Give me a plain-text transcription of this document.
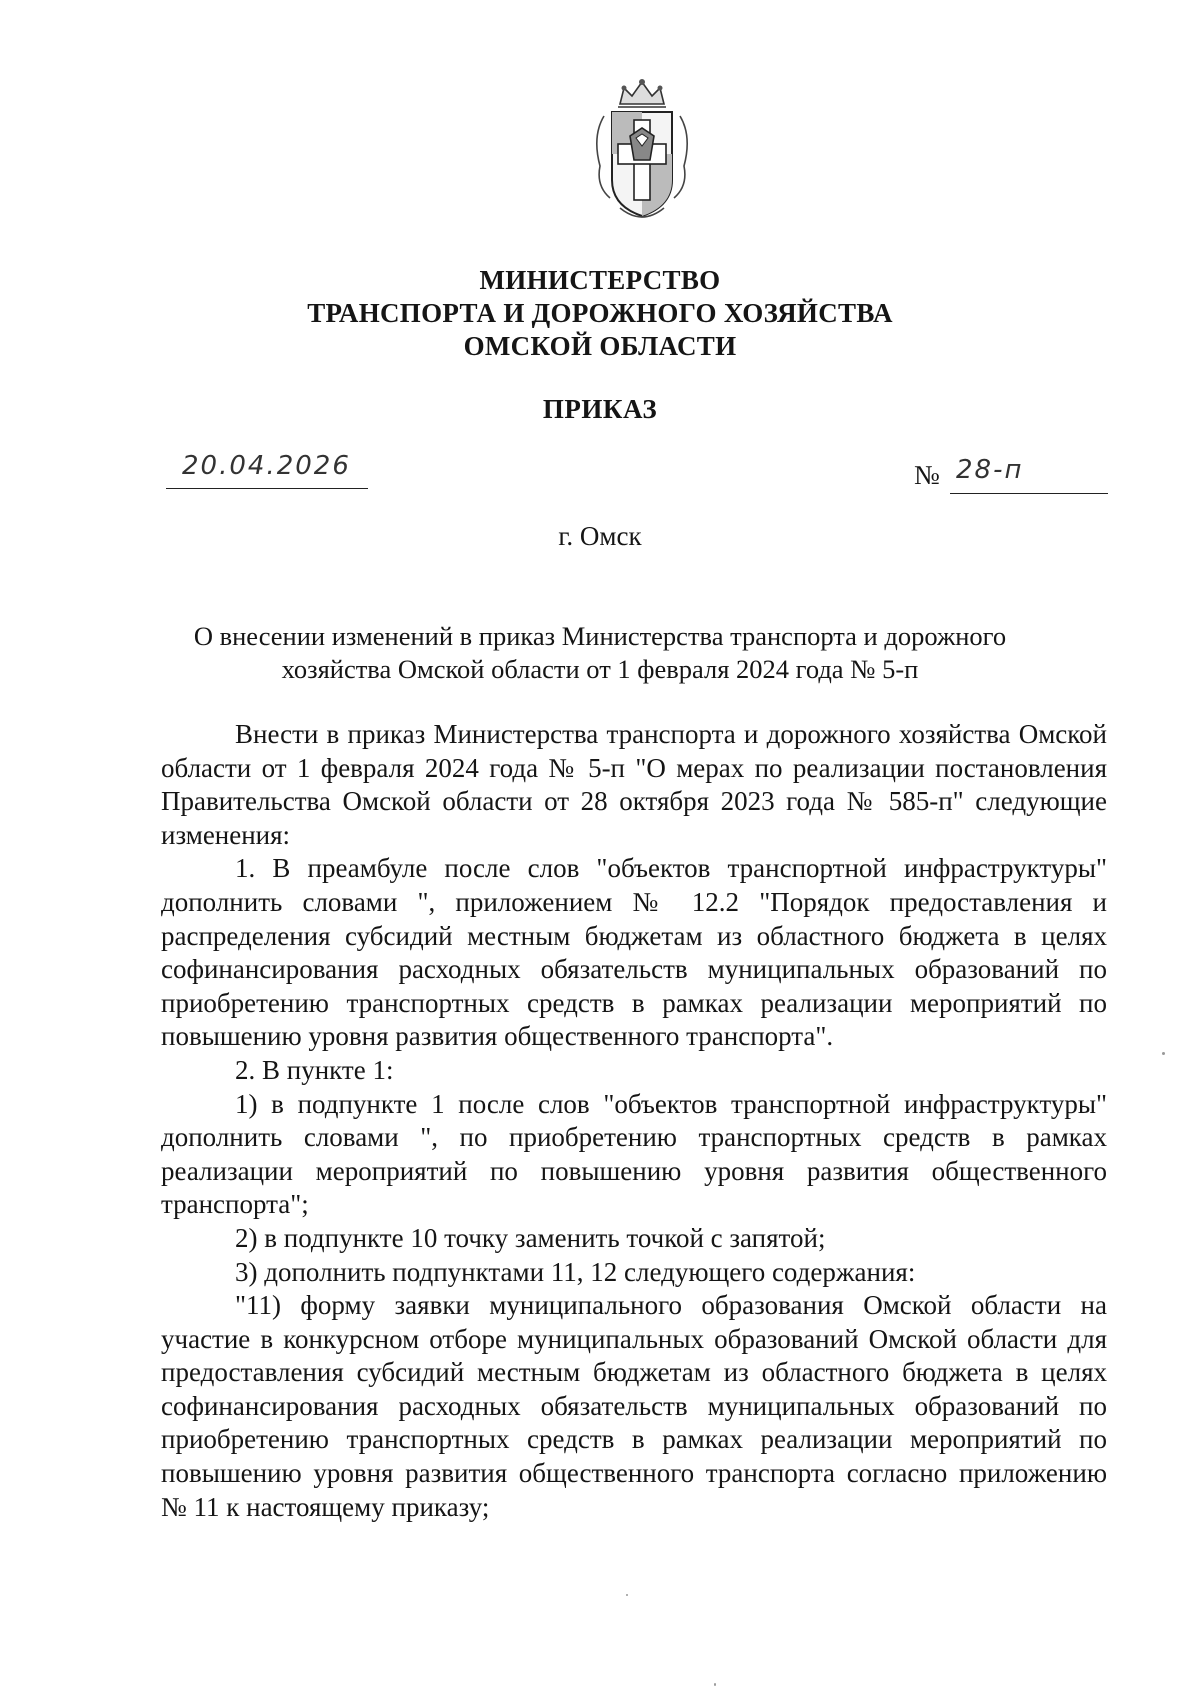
МИНИСТЕРСТВО
ТРАНСПОРТА И ДОРОЖНОГО ХОЗЯЙСТВА
ОМСКОЙ ОБЛАСТИ
ПРИКАЗ
20.04.2026	№ 28-п
г. Омск
О внесении изменений в приказ Министерства транспорта и дорожного
хозяйства Омской области от 1 февраля 2024 года № 5-п

Внести в приказ Министерства транспорта и дорожного хозяйства Омской области от 1 февраля 2024 года № 5-п "О мерах по реализации постановления Правительства Омской области от 28 октября 2023 года № 585-п" следующие изменения:

1. В преамбуле после слов "объектов транспортной инфраструктуры" дополнить словами ", приложением № 12.2 "Порядок предоставления и распределения субсидий местным бюджетам из областного бюджета в целях софинансирования расходных обязательств муниципальных образований по приобретению транспортных средств в рамках реализации мероприятий по повышению уровня развития общественного транспорта".

2. В пункте 1:

1) в подпункте 1 после слов "объектов транспортной инфраструктуры" дополнить словами ", по приобретению транспортных средств в рамках реализации мероприятий по повышению уровня развития общественного транспорта";

2) в подпункте 10 точку заменить точкой с запятой;

3) дополнить подпунктами 11, 12 следующего содержания:

"11) форму заявки муниципального образования Омской области на участие в конкурсном отборе муниципальных образований Омской области для предоставления субсидий местным бюджетам из областного бюджета в целях софинансирования расходных обязательств муниципальных образований по приобретению транспортных средств в рамках реализации мероприятий по повышению уровня развития общественного транспорта согласно приложению № 11 к настоящему приказу;
